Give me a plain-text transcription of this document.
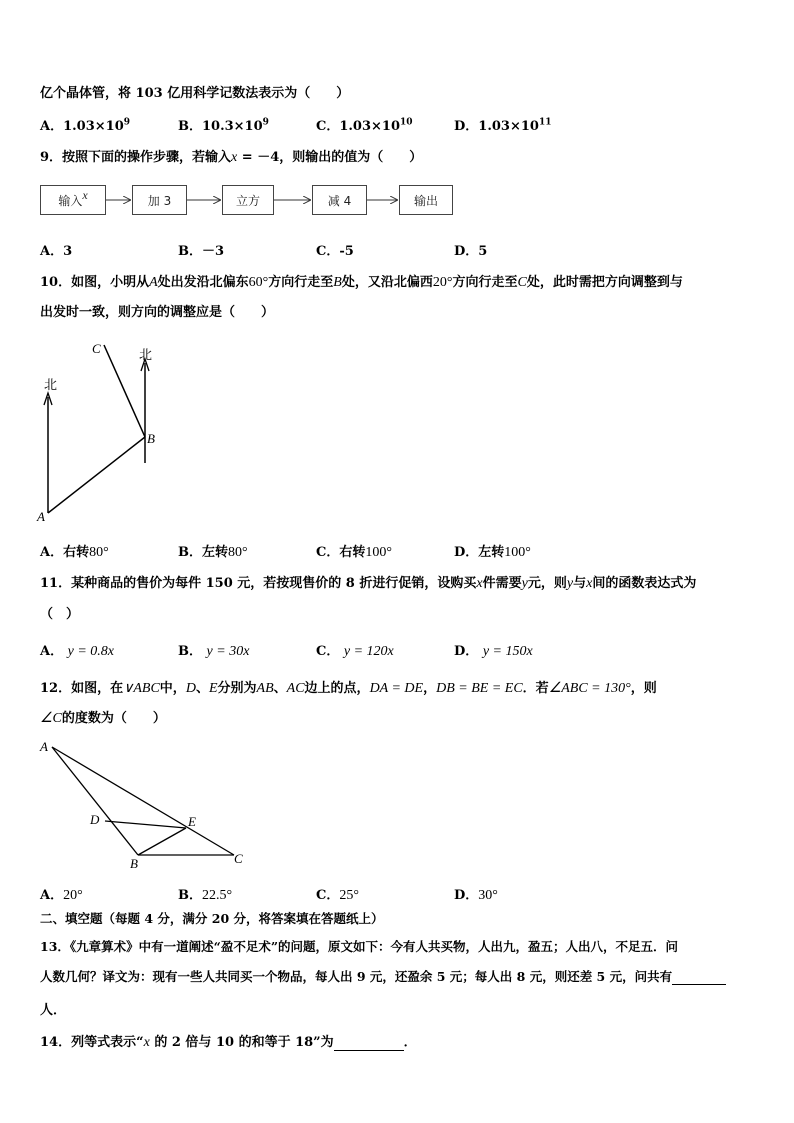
亿个晶体管，将 103 亿用科学记数法表示为（　　）
A．$1.03\times 10^9$	B．$10.3\times 10^9$	C．$1.03\times 10^{10}$	D．$1.03\times 10^{11}$
9．按照下面的操作步骤，若输入x = －4，则输出的值为（　　）
输入 x	加 3	立方	减 4	输出
A．3	B．－3	C．-5	D．5
10．如图，小明从A处出发沿北偏东60°方向行走至B处，又沿北偏西20°方向行走至C处，此时需把方向调整到与
出发时一致，则方向的调整应是（　　）
北
北
A
B
C
A．右转80°	B．左转80°	C．右转100°	D．左转100°
11．某种商品的售价为每件 150 元，若按现售价的 8 折进行促销，设购买x件需要y元，则y与x间的函数表达式为
（　）
A． y = 0.8x	B． y = 30x	C． y = 120x	D． y = 150x
12．如图，在∨ABC中，D、E分别为AB、AC边上的点，DA = DE，DB = BE = EC．若∠ABC = 130°，则
∠C的度数为（　　）
A
B	C
D	E
A．20°	B．22.5°	C．25°	D．30°
二、填空题（每题 4 分，满分 20 分，将答案填在答题纸上）
13．《九章算术》中有一道阐述“盈不足术”的问题，原文如下：今有人共买物，人出九，盈五；人出八，不足五．问
人数几何？译文为：现有一些人共同买一个物品，每人出 9 元，还盈余 5 元；每人出 8 元，则还差 5 元，问共有
人．
14．列等式表示“x 的 2 倍与 10 的和等于 18”为	．
